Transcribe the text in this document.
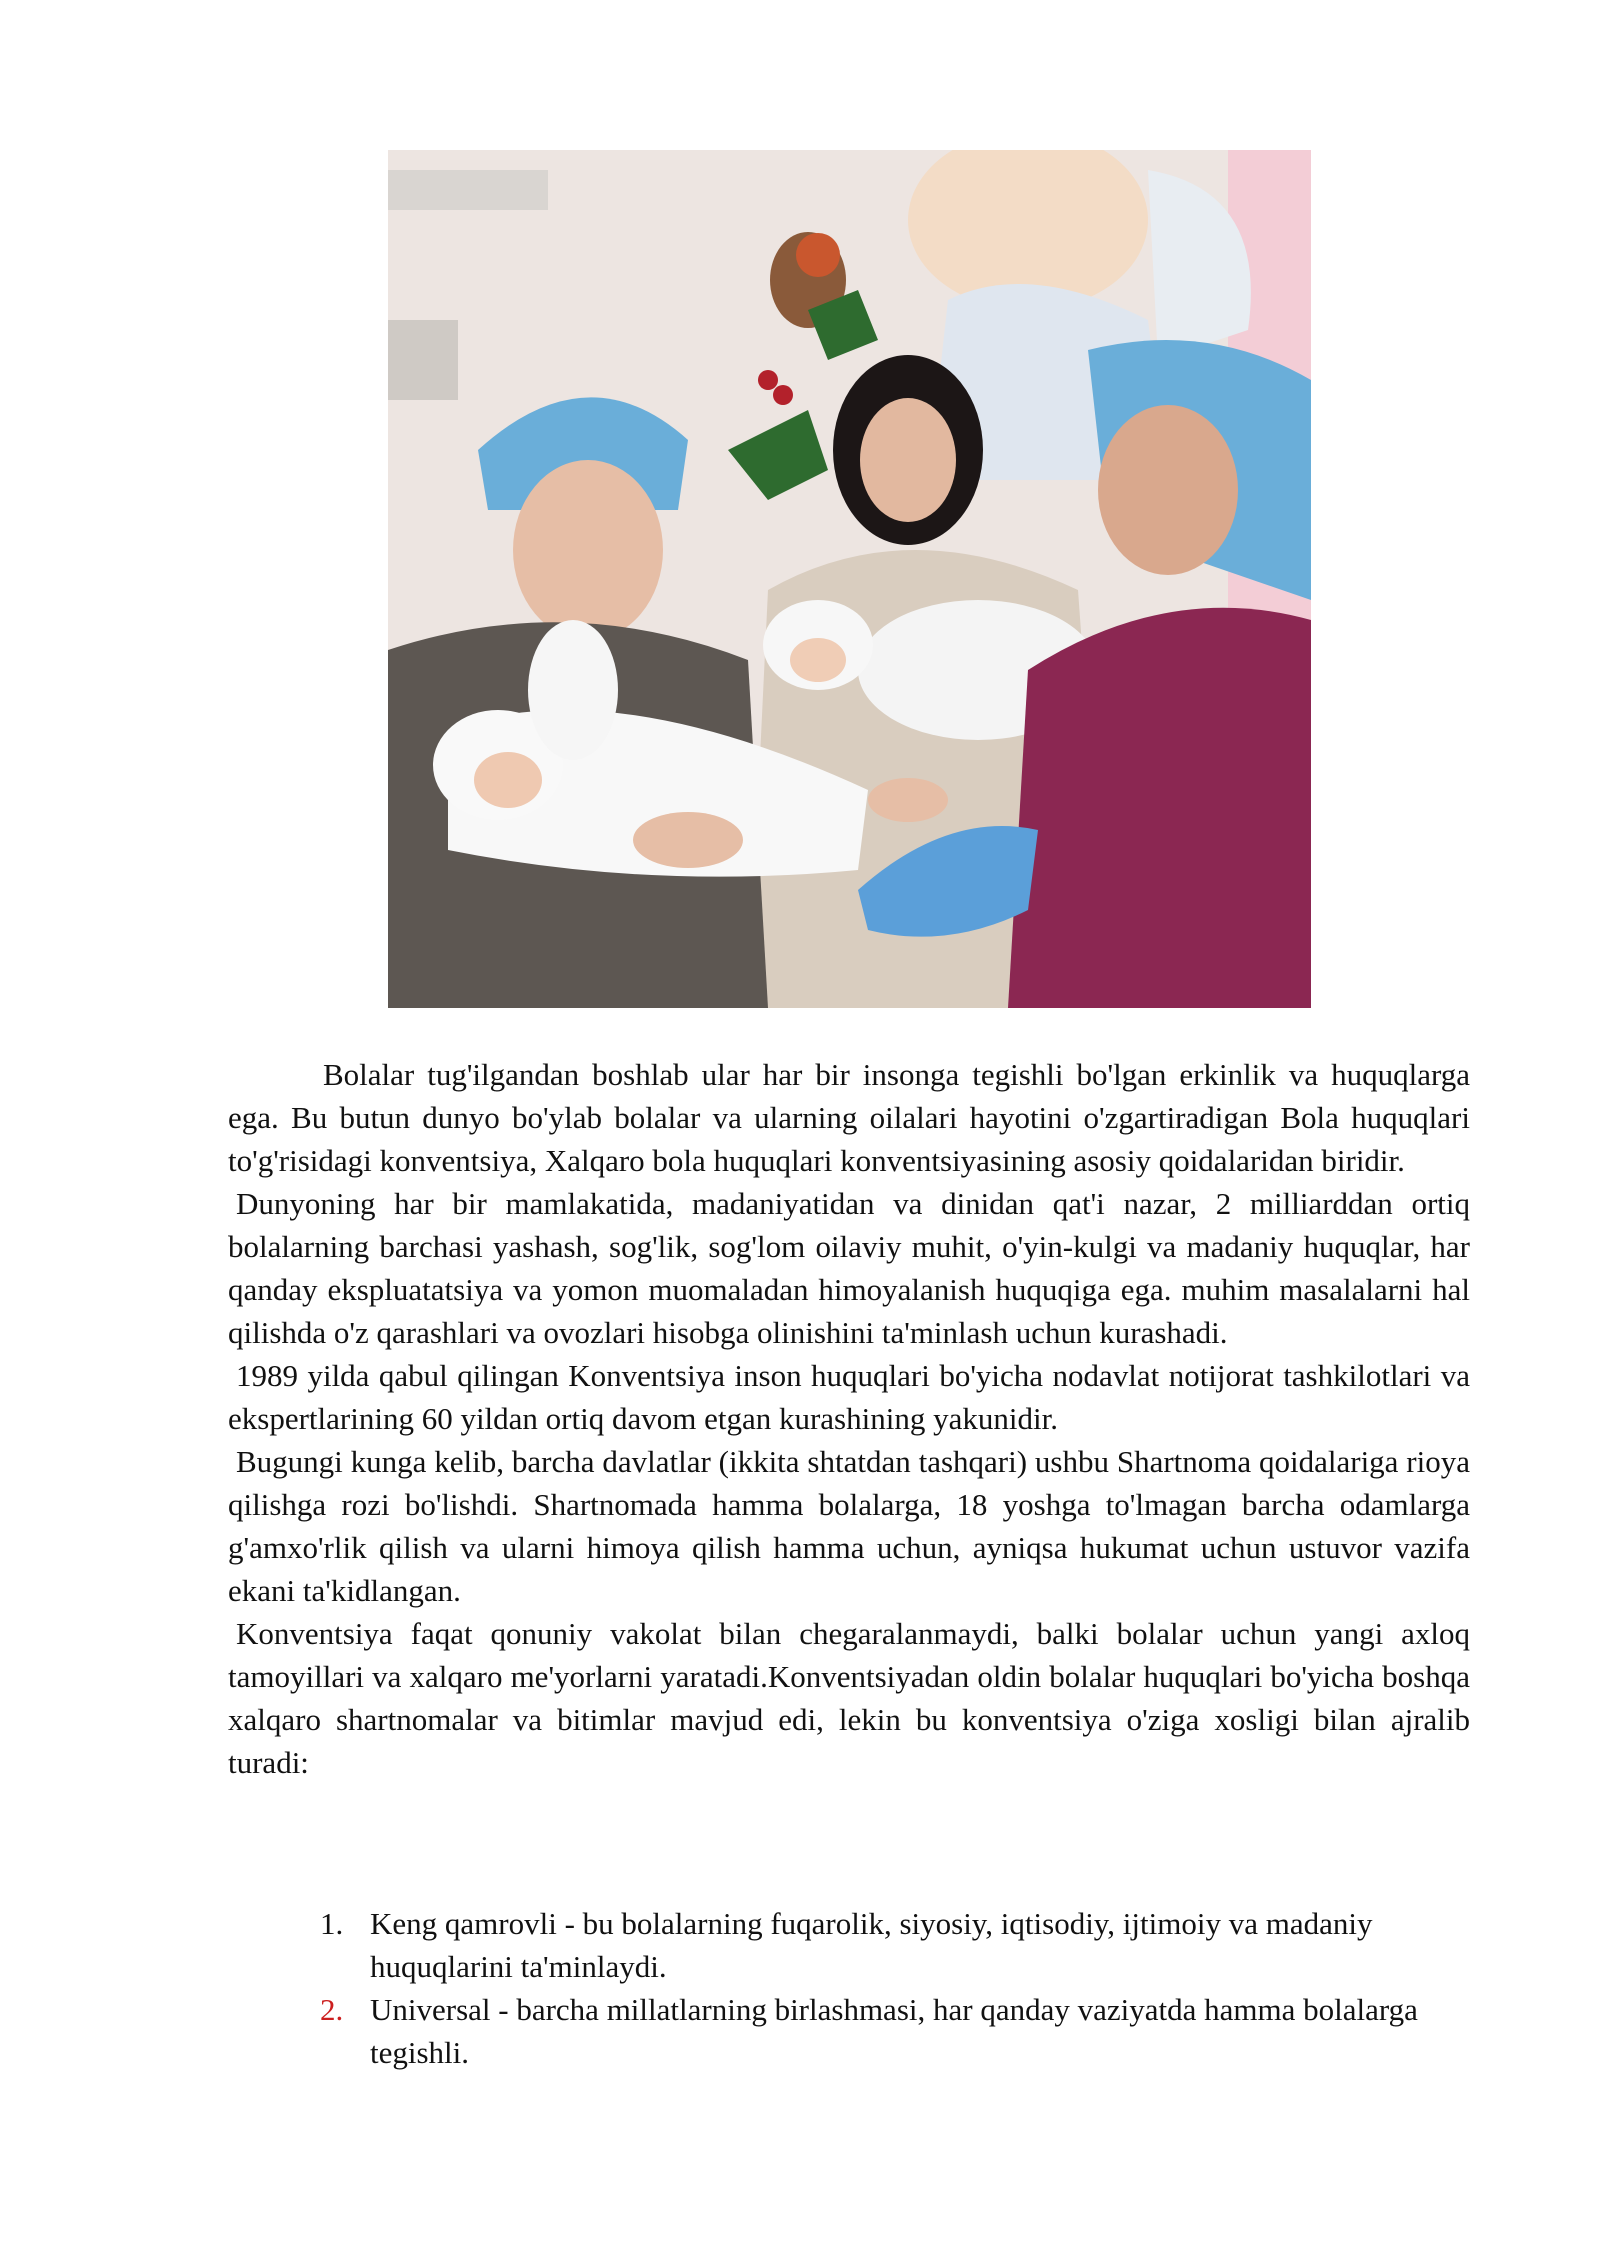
Bolalar tug'ilgandan boshlab ular har bir insonga tegishli bo'lgan erkinlik va huquqlarga ega. Bu butun dunyo bo'ylab bolalar va ularning oilalari hayotini o'zgartiradigan Bola huquqlari to'g'risidagi konventsiya, Xalqaro bola huquqlari konventsiyasining asosiy qoidalaridan biridir.

Dunyoning har bir mamlakatida, madaniyatidan va dinidan qat'i nazar, 2 milliarddan ortiq bolalarning barchasi yashash, sog'lik, sog'lom oilaviy muhit, o'yin-kulgi va madaniy huquqlar, har qanday ekspluatatsiya va yomon muomaladan himoyalanish huquqiga ega. muhim masalalarni hal qilishda o'z qarashlari va ovozlari hisobga olinishini ta'minlash uchun kurashadi.

1989 yilda qabul qilingan Konventsiya inson huquqlari bo'yicha nodavlat notijorat tashkilotlari va ekspertlarining 60 yildan ortiq davom etgan kurashining yakunidir.

Bugungi kunga kelib, barcha davlatlar (ikkita shtatdan tashqari) ushbu Shartnoma qoidalariga rioya qilishga rozi bo'lishdi. Shartnomada hamma bolalarga, 18 yoshga to'lmagan barcha odamlarga g'amxo'rlik qilish va ularni himoya qilish hamma uchun, ayniqsa hukumat uchun ustuvor vazifa ekani ta'kidlangan.

Konventsiya faqat qonuniy vakolat bilan chegaralanmaydi, balki bolalar uchun yangi axloq tamoyillari va xalqaro me'yorlarni yaratadi.Konventsiyadan oldin bolalar huquqlari bo'yicha boshqa xalqaro shartnomalar va bitimlar mavjud edi, lekin bu konventsiya o'ziga xosligi bilan ajralib turadi:

1. Keng qamrovli - bu bolalarning fuqarolik, siyosiy, iqtisodiy, ijtimoiy va madaniy huquqlarini ta'minlaydi.
2. Universal - barcha millatlarning birlashmasi, har qanday vaziyatda hamma bolalarga tegishli.
